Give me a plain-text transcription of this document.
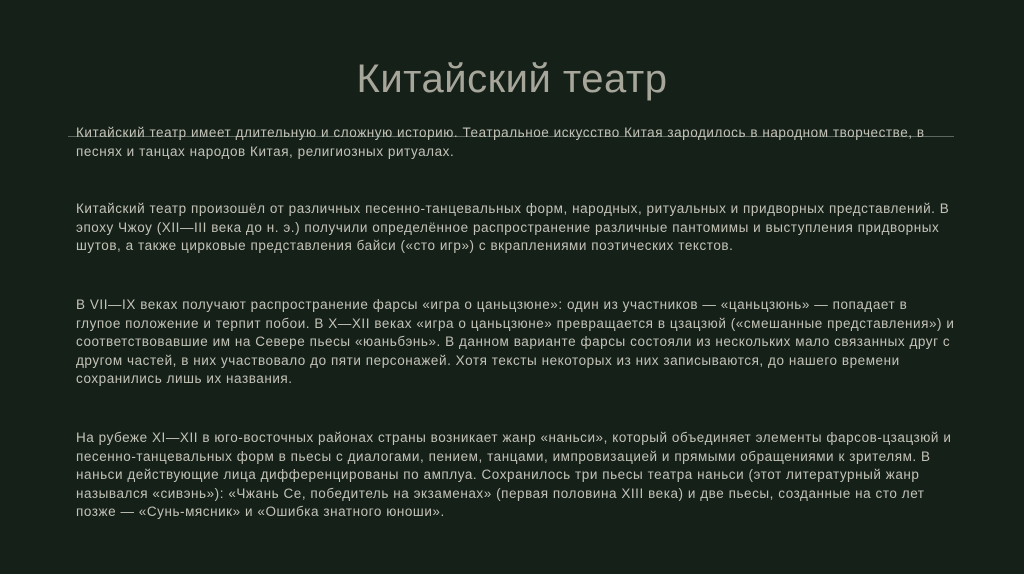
Китайский театр

Китайский театр имеет длительную и сложную историю. Театральное искусство Китая зародилось в народном творчестве, в песнях и танцах народов Китая, религиозных ритуалах.

Китайский театр произошёл от различных песенно-танцевальных форм, народных, ритуальных и придворных представлений. В эпоху Чжоу (XII—III века до н. э.) получили определённое распространение различные пантомимы и выступления придворных шутов, а также цирковые представления байси («сто игр») с вкраплениями поэтических текстов.

В VII—IX веках получают распространение фарсы «игра о цаньцзюне»: один из участников — «цаньцзюнь» — попадает в глупое положение и терпит побои. В X—XII веках «игра о цаньцзюне» превращается в цзацзюй («смешанные представления») и соответствовавшие им на Севере пьесы «юаньбэнь». В данном варианте фарсы состояли из нескольких мало связанных друг с другом частей, в них участвовало до пяти персонажей. Хотя тексты некоторых из них записываются, до нашего времени сохранились лишь их названия.

На рубеже XI—XII в юго-восточных районах страны возникает жанр «наньси», который объединяет элементы фарсов-цзацзюй и песенно-танцевальных форм в пьесы с диалогами, пением, танцами, импровизацией и прямыми обращениями к зрителям. В наньси действующие лица дифференцированы по амплуа. Сохранилось три пьесы театра наньси (этот литературный жанр назывался «сивэнь»): «Чжань Се, победитель на экзаменах» (первая половина XIII века) и две пьесы, созданные на сто лет позже — «Сунь-мясник» и «Ошибка знатного юноши».
